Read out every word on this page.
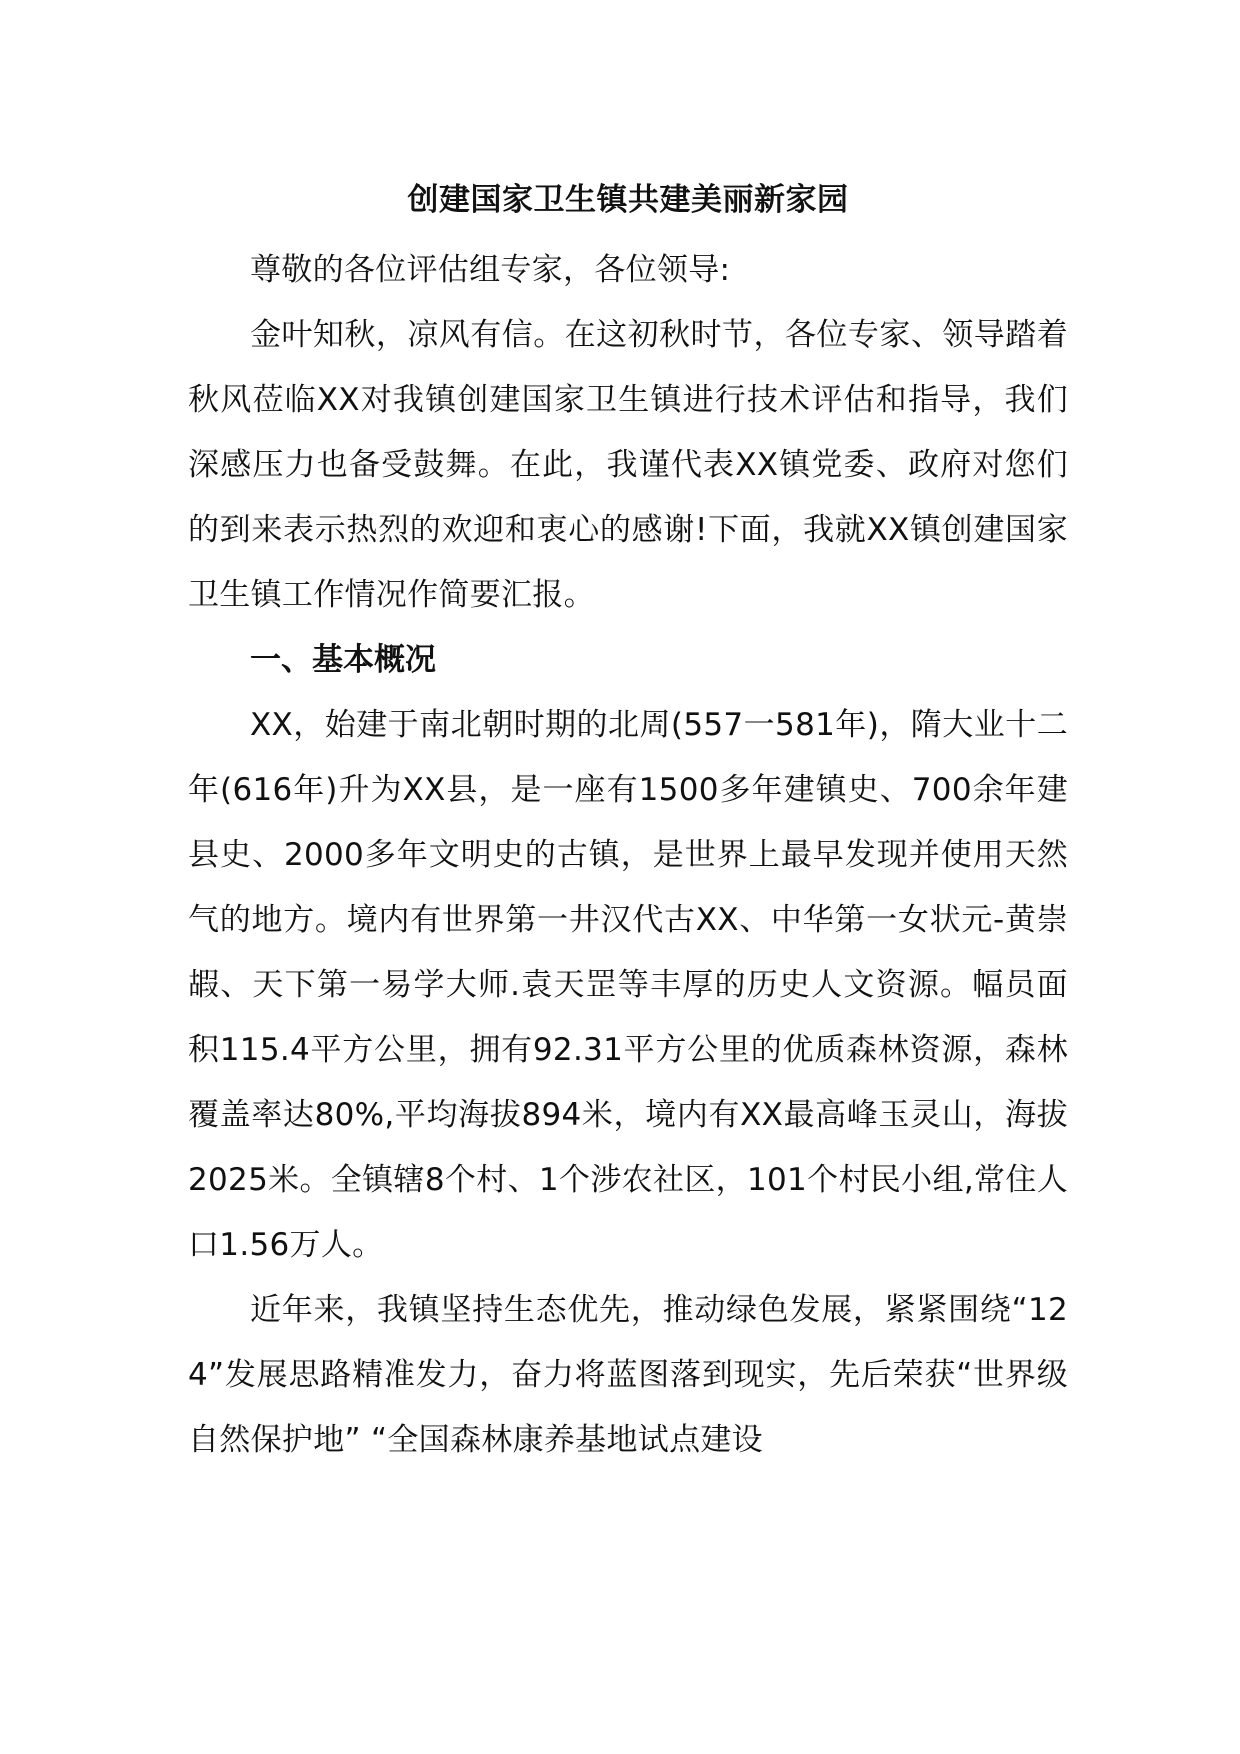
创建国家卫生镇共建美丽新家园

尊敬的各位评估组专家，各位领导:

金叶知秋，凉风有信。在这初秋时节，各位专家、领导踏着秋风莅临XX对我镇创建国家卫生镇进行技术评估和指导，我们深感压力也备受鼓舞。在此，我谨代表XX镇党委、政府对您们的到来表示热烈的欢迎和衷心的感谢!下面，我就XX镇创建国家卫生镇工作情况作简要汇报。

一、基本概况

XX，始建于南北朝时期的北周(557一581年)，隋大业十二年(616年)升为XX县，是一座有1500多年建镇史、700余年建县史、2000多年文明史的古镇，是世界上最早发现并使用天然气的地方。境内有世界第一井汉代古XX、中华第一女状元-黄崇嘏、天下第一易学大师.袁天罡等丰厚的历史人文资源。幅员面积115.4平方公里，拥有92.31平方公里的优质森林资源，森林覆盖率达80%,平均海拔894米，境内有XX最高峰玉灵山，海拔2025米。全镇辖8个村、1个涉农社区，101个村民小组,常住人口1.56万人。

近年来，我镇坚持生态优先，推动绿色发展，紧紧围绕“124”发展思路精准发力，奋力将蓝图落到现实，先后荣获“世界级自然保护地” “全国森林康养基地试点建设
